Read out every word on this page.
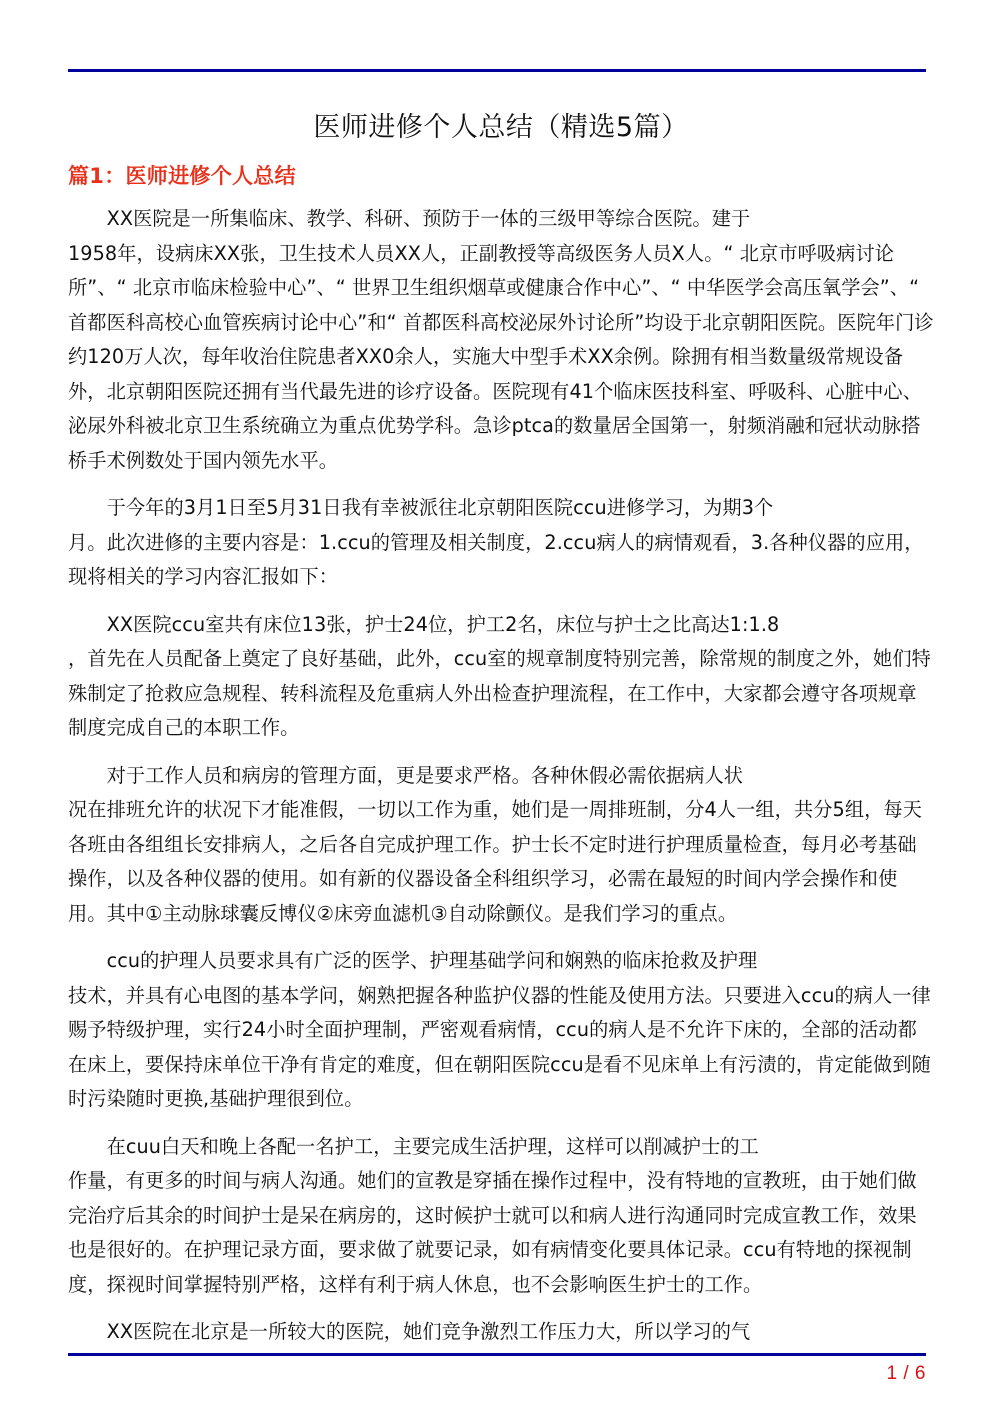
医师进修个人总结（精选5篇）
篇1：医师进修个人总结

XX医院是一所集临床、教学、科研、预防于一体的三级甲等综合医院。建于
1958年，设病床XX张，卫生技术人员XX人，正副教授等高级医务人员X人。“ 北京市呼吸病讨论所”、“ 北京市临床检验中心”、“ 世界卫生组织烟草或健康合作中心”、“ 中华医学会高压氧学会”、“ 首都医科高校心血管疾病讨论中心”和“ 首都医科高校泌尿外讨论所”均设于北京朝阳医院。医院年门诊约120万人次，每年收治住院患者XX0余人，实施大中型手术XX余例。除拥有相当数量级常规设备外，北京朝阳医院还拥有当代最先进的诊疗设备。医院现有41个临床医技科室、呼吸科、心脏中心、泌尿外科被北京卫生系统确立为重点优势学科。急诊ptca的数量居全国第一，射频消融和冠状动脉搭桥手术例数处于国内领先水平。

于今年的3月1日至5月31日我有幸被派往北京朝阳医院ccu进修学习，为期3个
月。此次进修的主要内容是：1.ccu的管理及相关制度，2.ccu病人的病情观看，3.各种仪器的应用，现将相关的学习内容汇报如下：

XX医院ccu室共有床位13张，护士24位，护工2名，床位与护士之比高达1:1.8
，首先在人员配备上奠定了良好基础，此外，ccu室的规章制度特别完善，除常规的制度之外，她们特殊制定了抢救应急规程、转科流程及危重病人外出检查护理流程，在工作中，大家都会遵守各项规章制度完成自己的本职工作。

对于工作人员和病房的管理方面，更是要求严格。各种休假必需依据病人状
况在排班允许的状况下才能准假，一切以工作为重，她们是一周排班制，分4人一组，共分5组，每天各班由各组组长安排病人，之后各自完成护理工作。护士长不定时进行护理质量检查，每月必考基础操作，以及各种仪器的使用。如有新的仪器设备全科组织学习，必需在最短的时间内学会操作和使用。其中①主动脉球囊反博仪②床旁血滤机③自动除颤仪。是我们学习的重点。

ccu的护理人员要求具有广泛的医学、护理基础学问和娴熟的临床抢救及护理
技术，并具有心电图的基本学问，娴熟把握各种监护仪器的性能及使用方法。只要进入ccu的病人一律赐予特级护理，实行24小时全面护理制，严密观看病情，ccu的病人是不允许下床的，全部的活动都在床上，要保持床单位干净有肯定的难度，但在朝阳医院ccu是看不见床单上有污渍的，肯定能做到随时污染随时更换,基础护理很到位。

在cuu白天和晚上各配一名护工，主要完成生活护理，这样可以削减护士的工
作量，有更多的时间与病人沟通。她们的宣教是穿插在操作过程中，没有特地的宣教班，由于她们做完治疗后其余的时间护士是呆在病房的，这时候护士就可以和病人进行沟通同时完成宣教工作，效果也是很好的。在护理记录方面，要求做了就要记录，如有病情变化要具体记录。ccu有特地的探视制度，探视时间掌握特别严格，这样有利于病人休息，也不会影响医生护士的工作。

XX医院在北京是一所较大的医院，她们竞争激烈工作压力大，所以学习的气

1 / 6
